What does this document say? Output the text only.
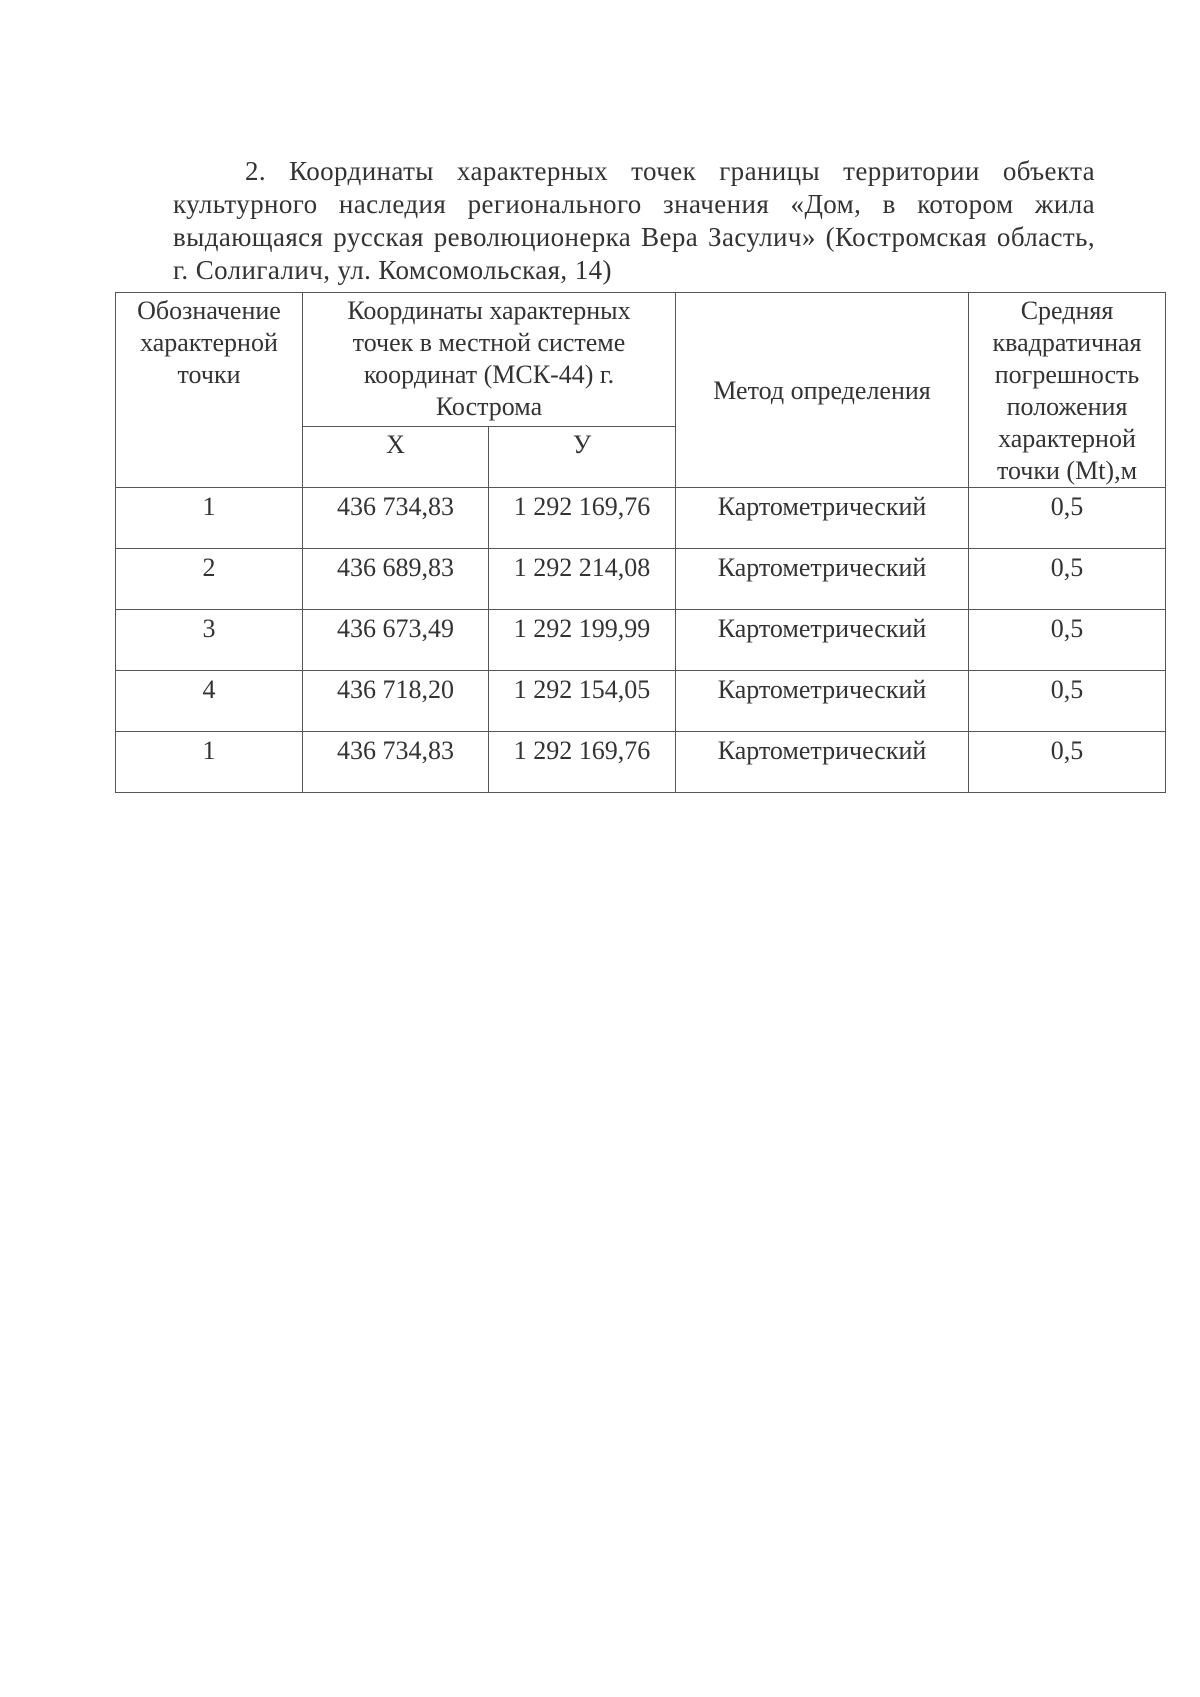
2. Координаты характерных точек границы территории объекта культурного наследия регионального значения «Дом, в котором жила выдающаяся русская революционерка Вера Засулич» (Костромская область, г. Солигалич, ул. Комсомольская, 14)

Обозначение характерной точки	Координаты характерных точек в местной системе координат (МСК-44) г. Кострома		Метод определения	Средняя квадратичная погрешность положения характерной точки (Mt),м
	Х	У		
1	436 734,83	1 292 169,76	Картометрический	0,5
2	436 689,83	1 292 214,08	Картометрический	0,5
3	436 673,49	1 292 199,99	Картометрический	0,5
4	436 718,20	1 292 154,05	Картометрический	0,5
1	436 734,83	1 292 169,76	Картометрический	0,5
